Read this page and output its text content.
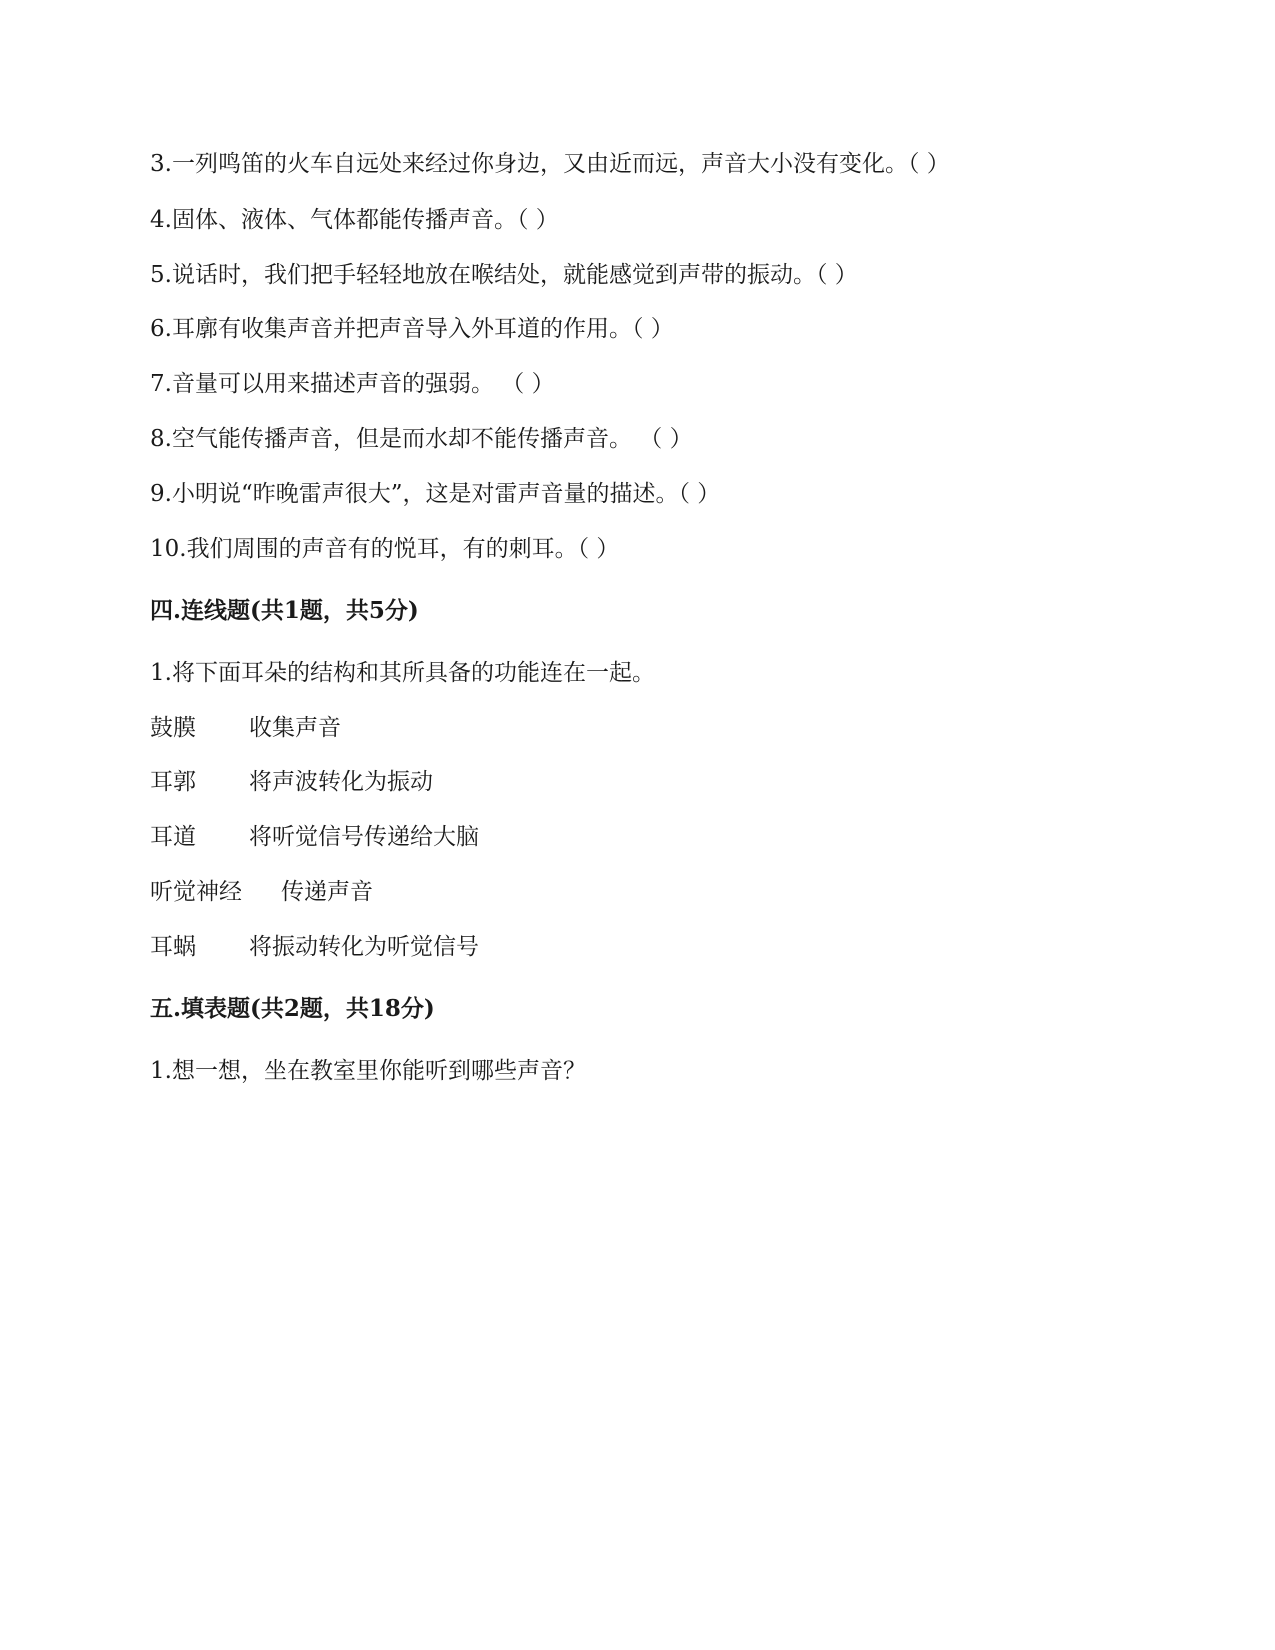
3.一列鸣笛的火车自远处来经过你身边，又由近而远，声音大小没有变化。（ ）
4.固体、液体、气体都能传播声音。（ ）
5.说话时，我们把手轻轻地放在喉结处，就能感觉到声带的振动。（ ）
6.耳廓有收集声音并把声音导入外耳道的作用。（ ）
7.音量可以用来描述声音的强弱。 （ ）
8.空气能传播声音，但是而水却不能传播声音。 （ ）
9.小明说“昨晚雷声很大”，这是对雷声音量的描述。（ ）
10.我们周围的声音有的悦耳，有的刺耳。（ ）
四.连线题(共1题，共5分)
1.将下面耳朵的结构和其所具备的功能连在一起。
鼓膜 收集声音
耳郭 将声波转化为振动
耳道 将听觉信号传递给大脑
听觉神经 传递声音
耳蜗 将振动转化为听觉信号
五.填表题(共2题，共18分)
1.想一想，坐在教室里你能听到哪些声音？
